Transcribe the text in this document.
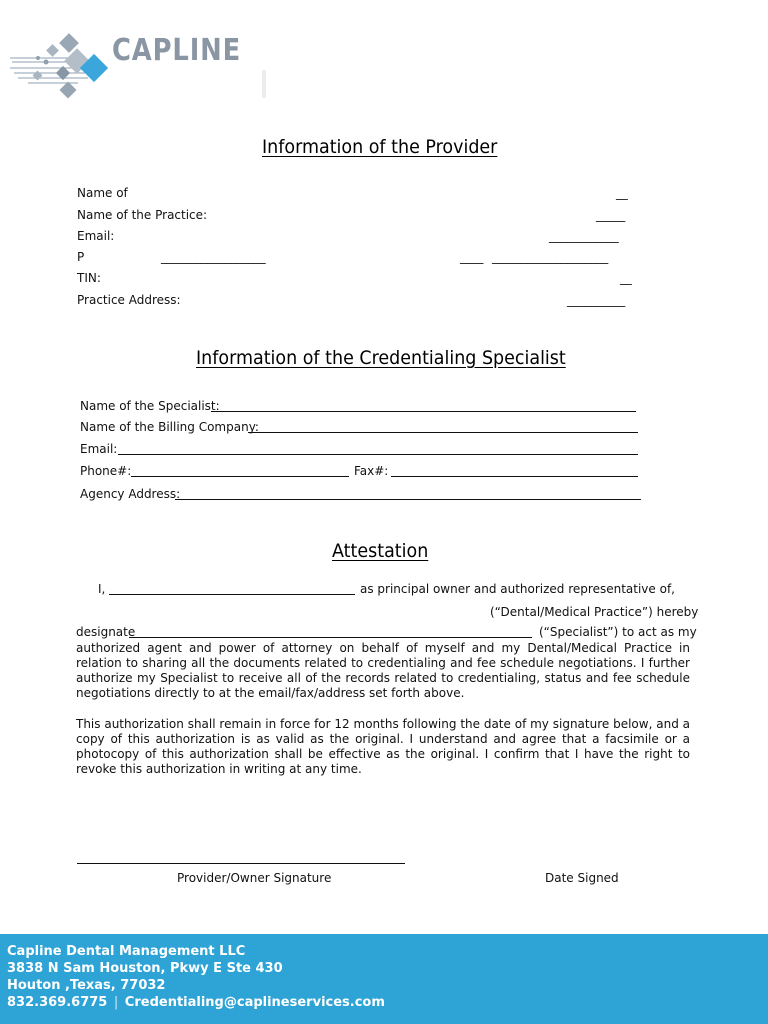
CAPLINE
Information of the Provider
Name of	__
Name of the Practice:	_____
Email:	____________
P	__________________	____ ____________________
TIN:	__
Practice Address:	__________
Information of the Credentialing Specialist
Name of the Specialist:
Name of the Billing Company:
Email:
Phone#:	Fax#:
Agency Address:
Attestation
I,	as principal owner and authorized representative of,
(“Dental/Medical Practice”) hereby
designate	(“Specialist”) to act as my
authorized agent and power of attorney on behalf of myself and my Dental/Medical Practice in relation to sharing all the documents related to credentialing and fee schedule negotiations. I further authorize my Specialist to receive all of the records related to credentialing, status and fee schedule negotiations directly to at the email/fax/address set forth above.
This authorization shall remain in force for 12 months following the date of my signature below, and a copy of this authorization is as valid as the original. I understand and agree that a facsimile or a photocopy of this authorization shall be effective as the original. I confirm that I have the right to revoke this authorization in writing at any time.
Provider/Owner Signature	Date Signed
Capline Dental Management LLC
3838 N Sam Houston, Pkwy E Ste 430
Houton ,Texas, 77032
832.369.6775 | Credentialing@caplineservices.com
